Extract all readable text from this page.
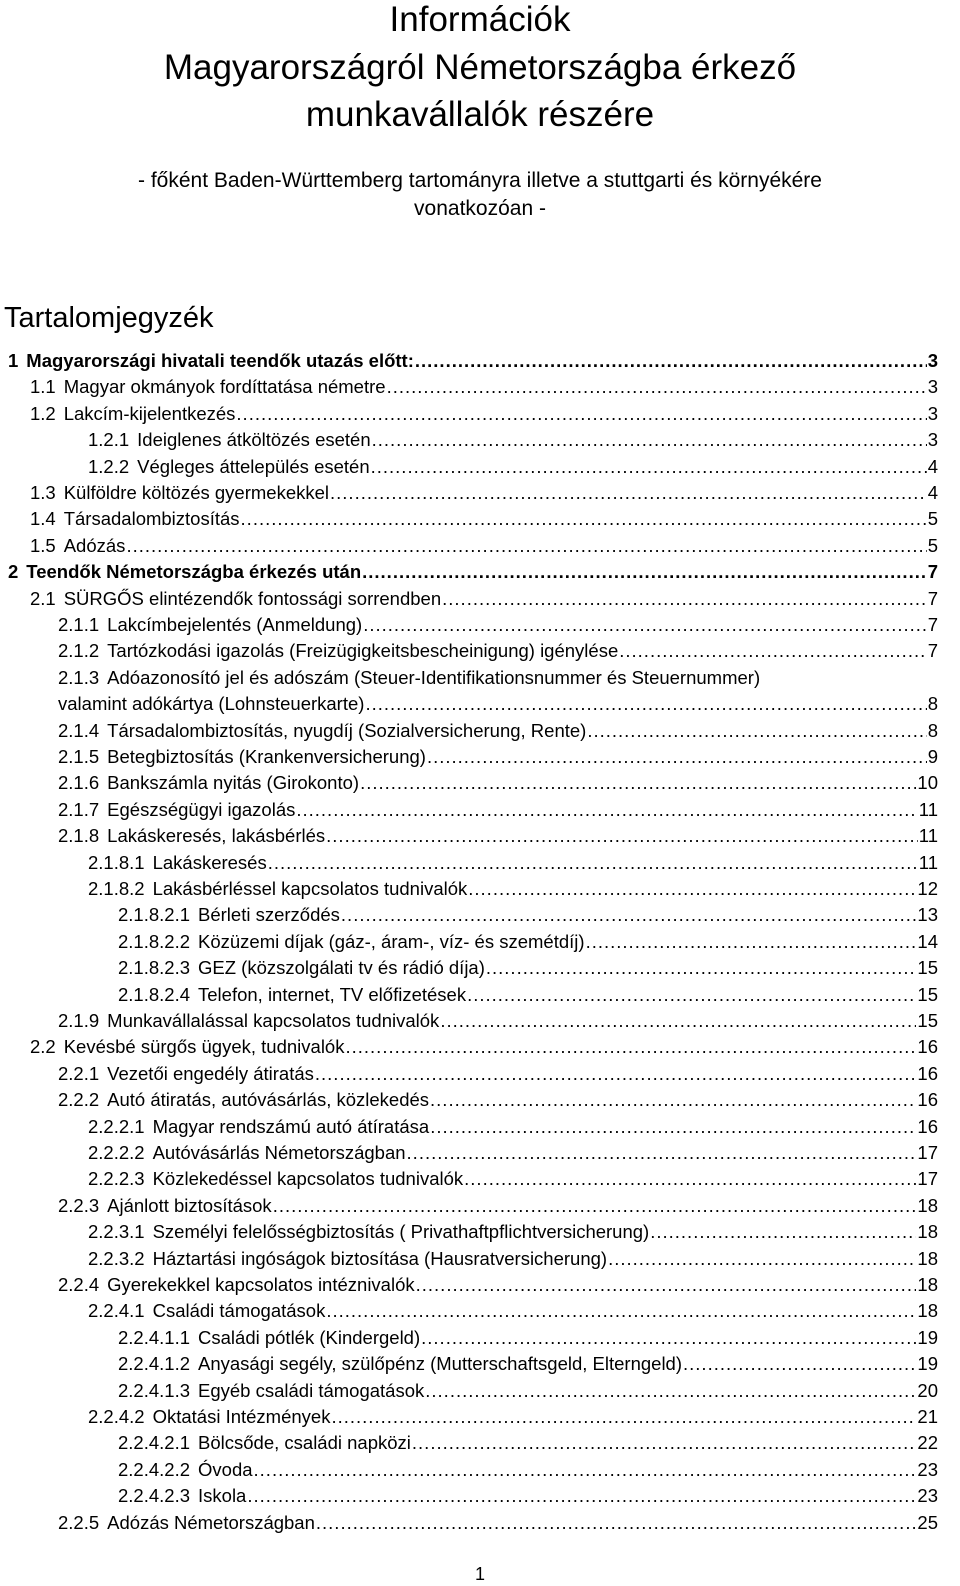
Információk
Magyarországról Németországba érkező
munkavállalók részére
- főként Baden-Württemberg tartományra illetve a stuttgarti és környékére
vonatkozóan -
Tartalomjegyzék
1 Magyarországi hivatali teendők utazás előtt: .....	3
1.1 Magyar okmányok fordíttatása németre .....	3
1.2 Lakcím-kijelentkezés .....	3
1.2.1 Ideiglenes átköltözés esetén .....	3
1.2.2 Végleges áttelepülés esetén .....	4
1.3 Külföldre költözés gyermekekkel .....	4
1.4 Társadalombiztosítás .....	5
1.5 Adózás .....	5
2 Teendők Németországba érkezés után .....	7
2.1 SÜRGŐS elintézendők fontossági sorrendben .....	7
2.1.1 Lakcímbejelentés (Anmeldung) .....	7
2.1.2 Tartózkodási igazolás (Freizügigkeitsbescheinigung) igénylése .....	7
2.1.3 Adóazonosító jel és adószám (Steuer-Identifikationsnummer és Steuernummer)
valamint adókártya (Lohnsteuerkarte) .....	8
2.1.4 Társadalombiztosítás, nyugdíj (Sozialversicherung, Rente) .....	8
2.1.5 Betegbiztosítás (Krankenversicherung) .....	9
2.1.6 Bankszámla nyitás (Girokonto) .....	10
2.1.7 Egészségügyi igazolás .....	11
2.1.8 Lakáskeresés, lakásbérlés .....	11
2.1.8.1 Lakáskeresés .....	11
2.1.8.2 Lakásbérléssel kapcsolatos tudnivalók .....	12
2.1.8.2.1 Bérleti szerződés .....	13
2.1.8.2.2 Közüzemi díjak (gáz-, áram-, víz- és szemétdíj) .....	14
2.1.8.2.3 GEZ (közszolgálati tv és rádió díja) .....	15
2.1.8.2.4 Telefon, internet, TV előfizetések .....	15
2.1.9 Munkavállalással kapcsolatos tudnivalók .....	15
2.2 Kevésbé sürgős ügyek, tudnivalók .....	16
2.2.1 Vezetői engedély átiratás .....	16
2.2.2 Autó átiratás, autóvásárlás, közlekedés .....	16
2.2.2.1 Magyar rendszámú autó átíratása .....	16
2.2.2.2 Autóvásárlás Németországban .....	17
2.2.2.3 Közlekedéssel kapcsolatos tudnivalók .....	17
2.2.3 Ajánlott biztosítások .....	18
2.2.3.1 Személyi felelősségbiztosítás ( Privathaftpflichtversicherung) .....	18
2.2.3.2 Háztartási ingóságok biztosítása (Hausratversicherung) .....	18
2.2.4 Gyerekekkel kapcsolatos intéznivalók .....	18
2.2.4.1 Családi támogatások .....	18
2.2.4.1.1 Családi pótlék (Kindergeld) .....	19
2.2.4.1.2 Anyasági segély, szülőpénz (Mutterschaftsgeld, Elterngeld) .....	19
2.2.4.1.3 Egyéb családi támogatások .....	20
2.2.4.2 Oktatási Intézmények .....	21
2.2.4.2.1 Bölcsőde, családi napközi .....	22
2.2.4.2.2 Óvoda .....	23
2.2.4.2.3 Iskola .....	23
2.2.5 Adózás Németországban .....	25
1
